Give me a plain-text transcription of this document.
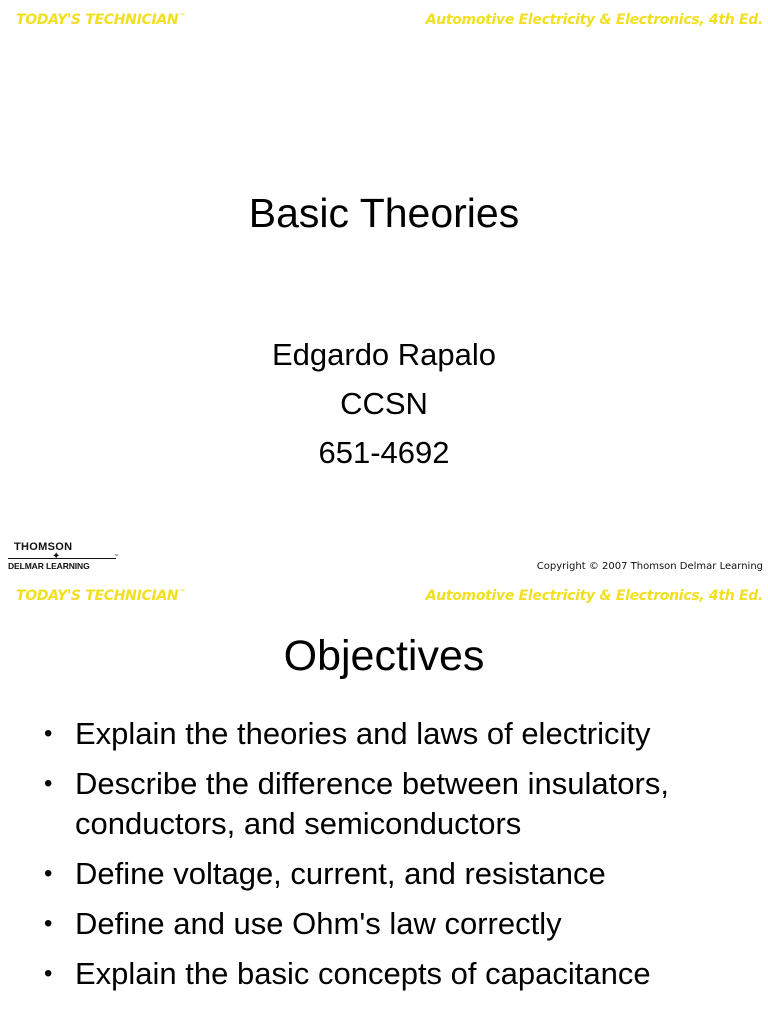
TODAY'S TECHNICIAN™	Automotive Electricity & Electronics, 4th Ed.
Basic Theories
Edgardo Rapalo
CCSN
651-4692
THOMSON
✦	™
DELMAR LEARNING	Copyright © 2007 Thomson Delmar Learning
TODAY'S TECHNICIAN™	Automotive Electricity & Electronics, 4th Ed.
Objectives
• Explain the theories and laws of electricity
• Describe the difference between insulators, conductors, and semiconductors
• Define voltage, current, and resistance
• Define and use Ohm's law correctly
• Explain the basic concepts of capacitance
